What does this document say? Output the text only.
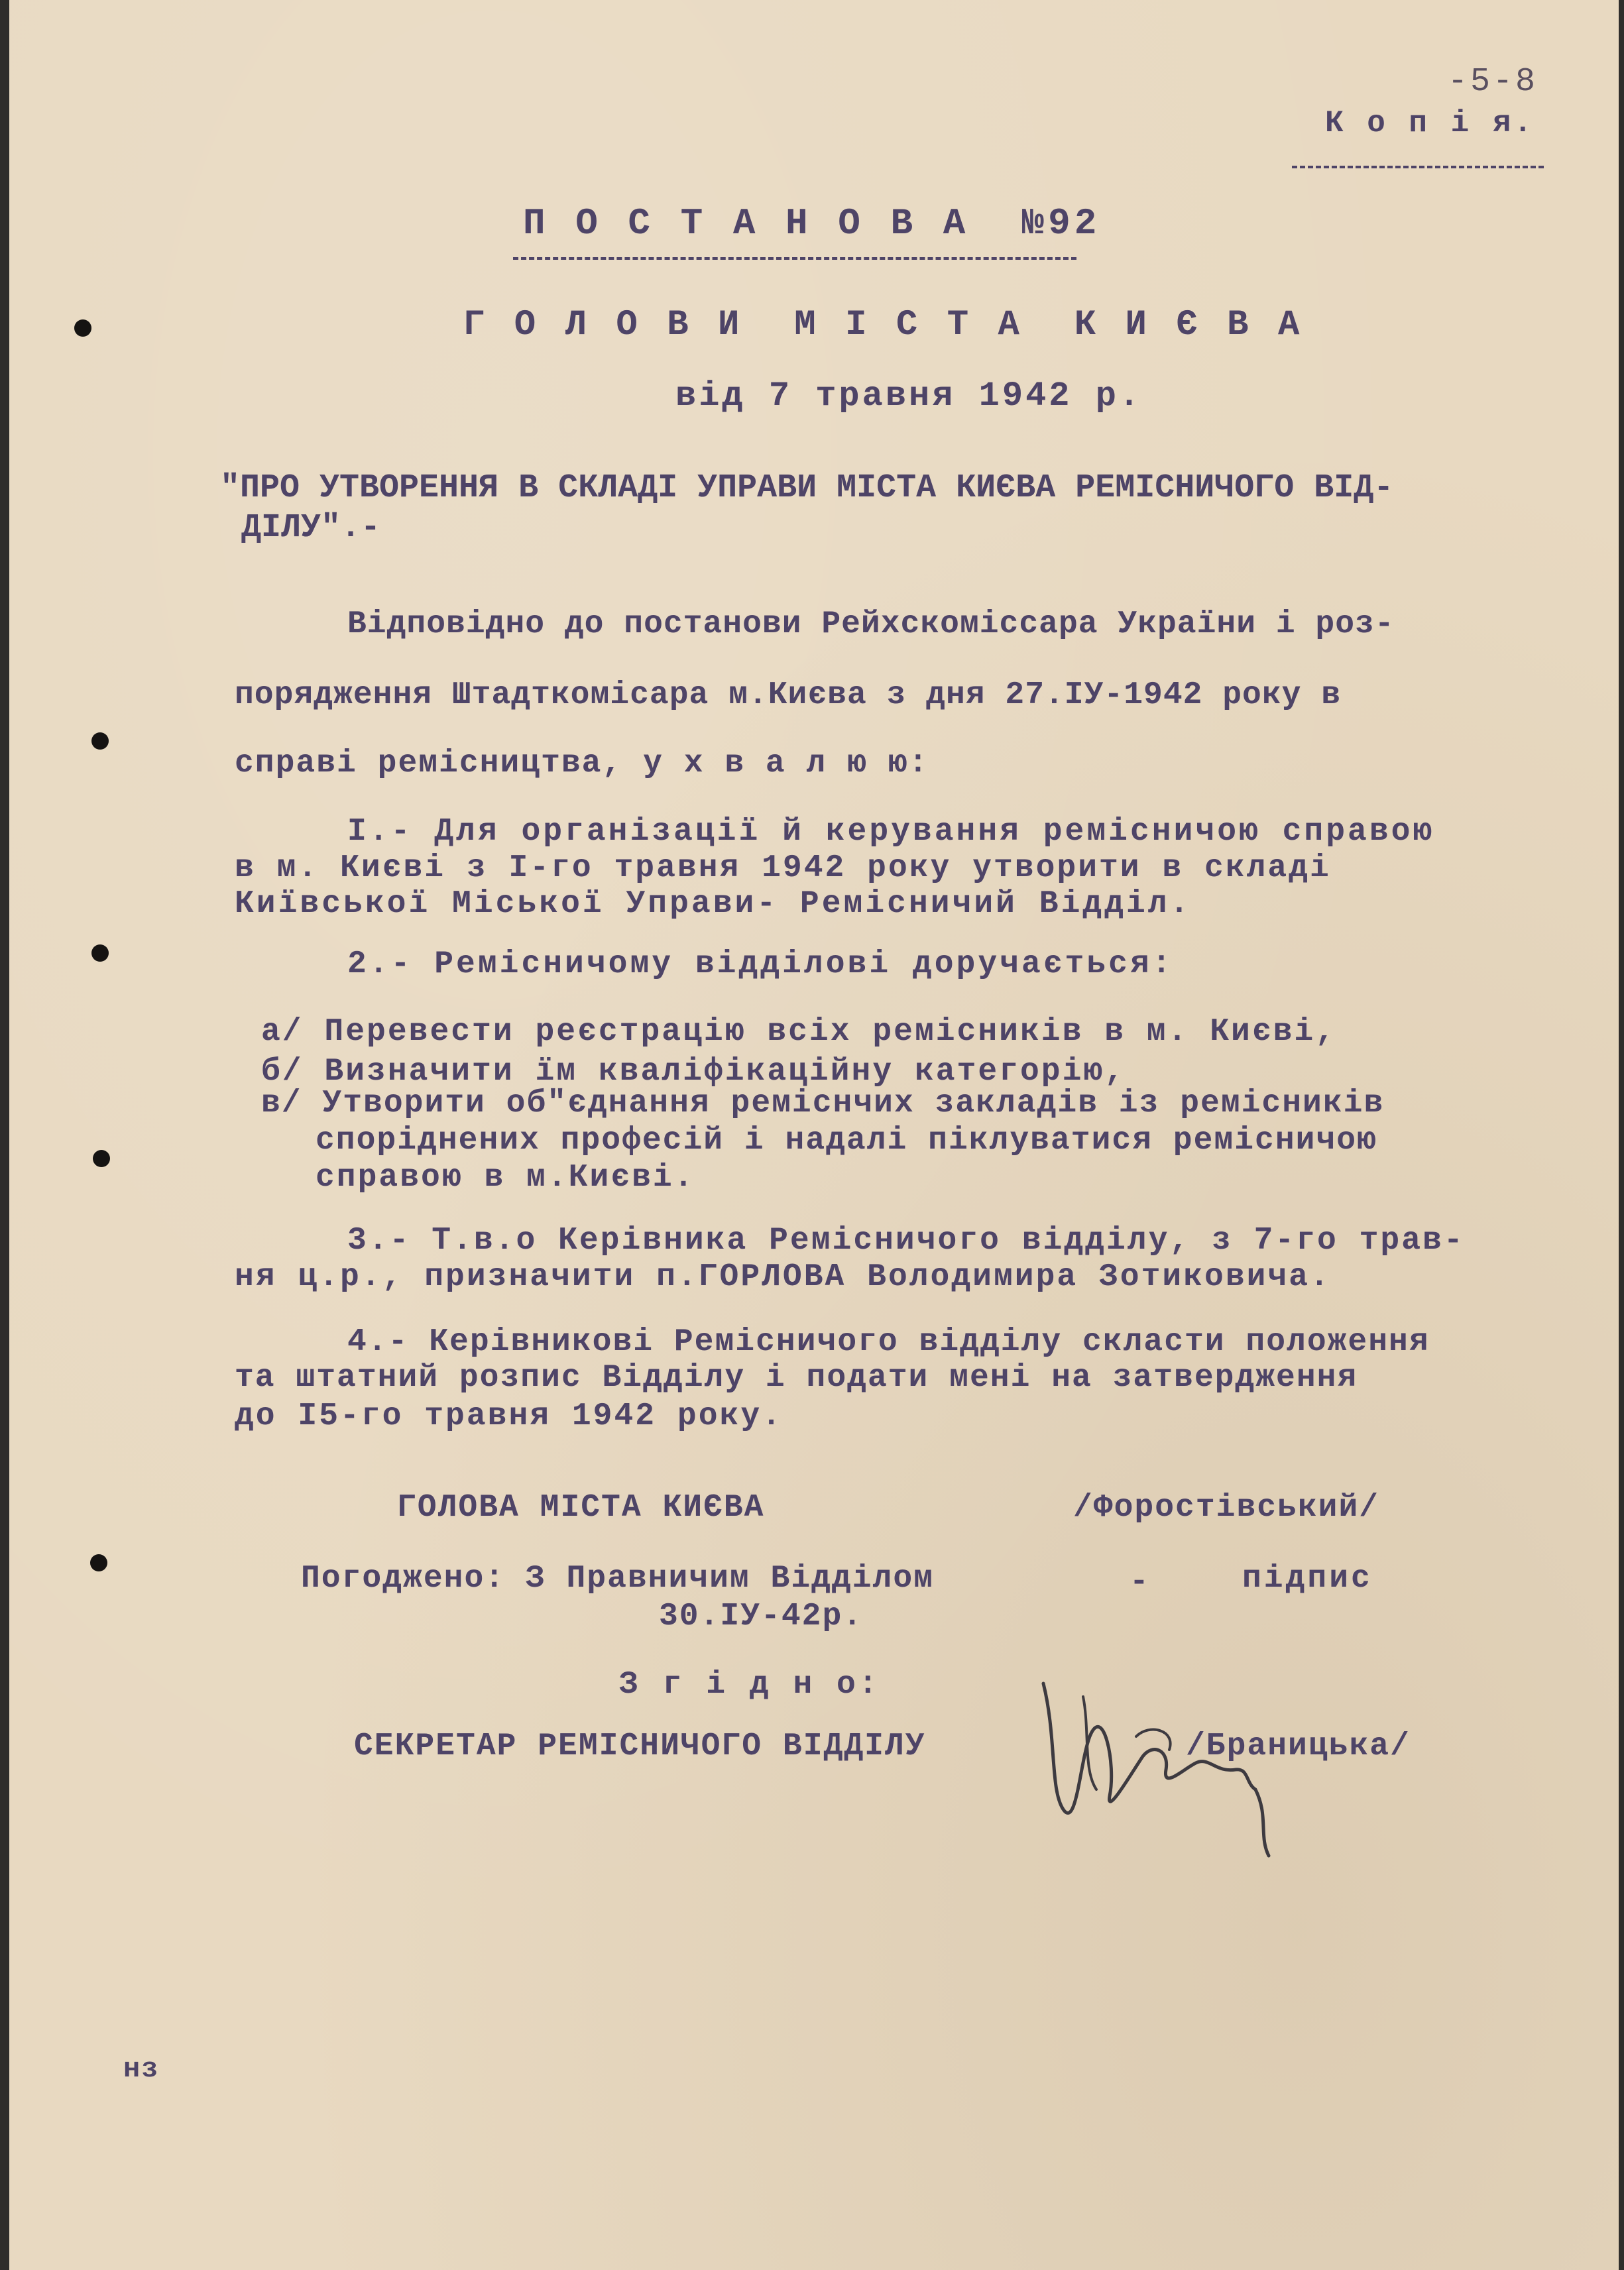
-5-8

К о п і я.

П О С Т А Н О В А  №92

Г О Л О В И  М І С Т А  К И Є В А

від 7 травня 1942 р.

"ПРО УТВОРЕННЯ В СКЛАДІ УПРАВИ МІСТА КИЄВА РЕМІСНИЧОГО ВІД-

ДІЛУ".-

Відповідно до постанови Рейхскоміссара України і роз-

порядження Штадткомісара м.Києва з дня 27.ІУ-1942 року в

справі ремісництва, у х в а л ю ю:

І.- Для організації й керування ремісничою справою

в м. Києві з І-го травня 1942 року утворити в складі

Київської Міської Управи- Ремісничий Відділ.

2.- Ремісничому відділові доручається:

а/ Перевести реєстрацію всіх ремісників в м. Києві,

б/ Визначити їм кваліфікаційну категорію,

в/ Утворити об"єднання реміснчих закладів із ремісників

споріднених професій і надалі піклуватися ремісничою

справою в м.Києві.

3.- Т.в.о Керівника Ремісничого відділу, з 7-го трав-

ня ц.р., призначити п.ГОРЛОВА Володимира Зотиковича.

4.- Керівникові Ремісничого відділу скласти положення

та штатний розпис Відділу і подати мені на затвердження

до І5-го травня 1942 року.

ГОЛОВА МІСТА КИЄВА	/Форостівський/

Погоджено: З Правничим Відділом	-	підпис

30.ІУ-42р.

З г і д н о:

СЕКРЕТАР РЕМІСНИЧОГО ВІДДІЛУ	/Браницька/

нз
